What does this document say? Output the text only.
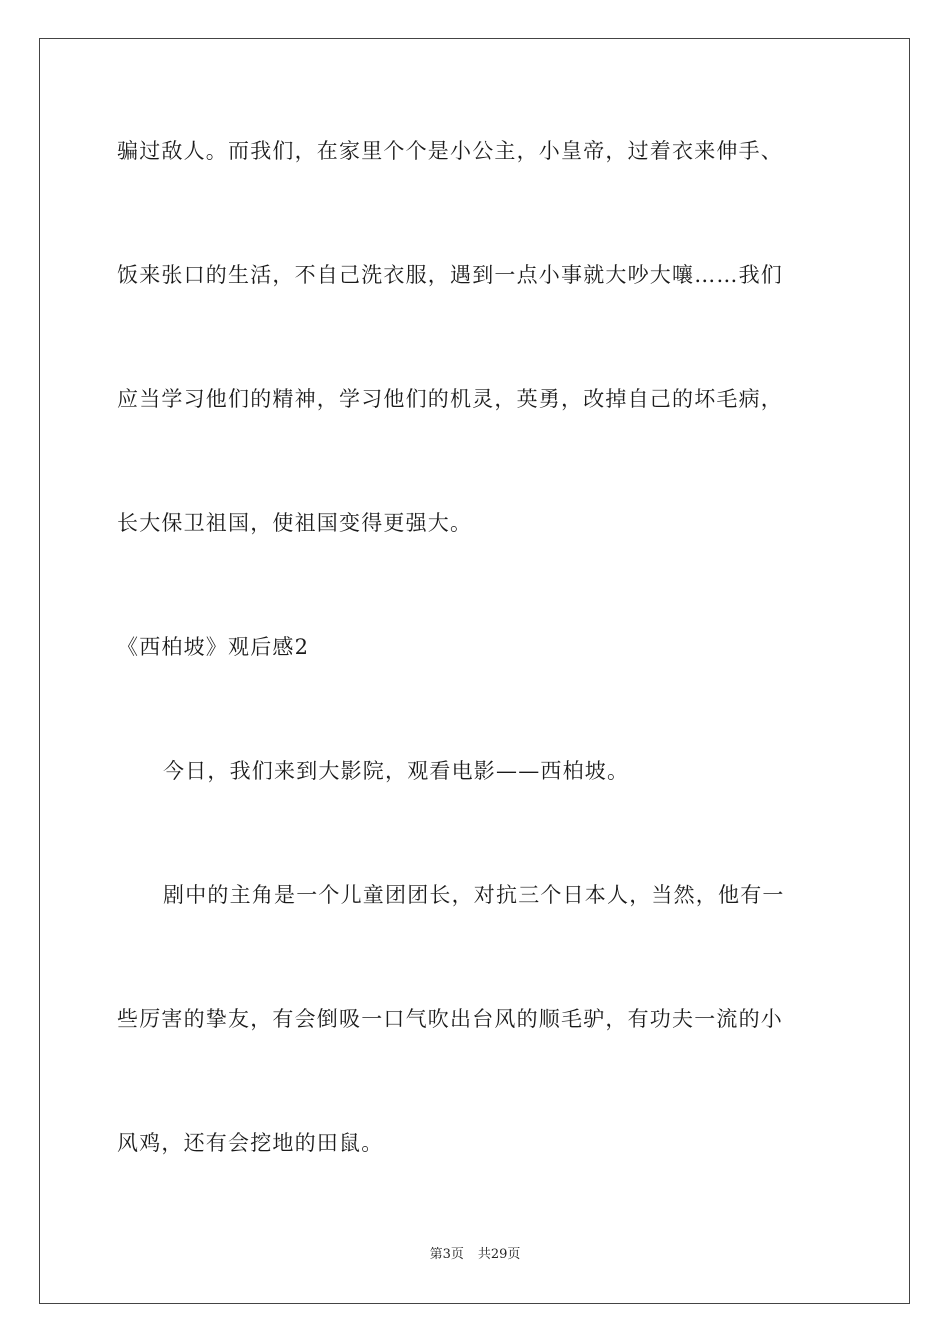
骗过敌人。而我们，在家里个个是小公主，小皇帝，过着衣来伸手、
饭来张口的生活，不自己洗衣服，遇到一点小事就大吵大嚷……我们
应当学习他们的精神，学习他们的机灵，英勇，改掉自己的坏毛病，
长大保卫祖国，使祖国变得更强大。
《西柏坡》观后感2
今日，我们来到大影院，观看电影——西柏坡。
剧中的主角是一个儿童团团长，对抗三个日本人，当然，他有一
些厉害的挚友，有会倒吸一口气吹出台风的顺毛驴，有功夫一流的小
风鸡，还有会挖地的田鼠。
第3页 共29页
